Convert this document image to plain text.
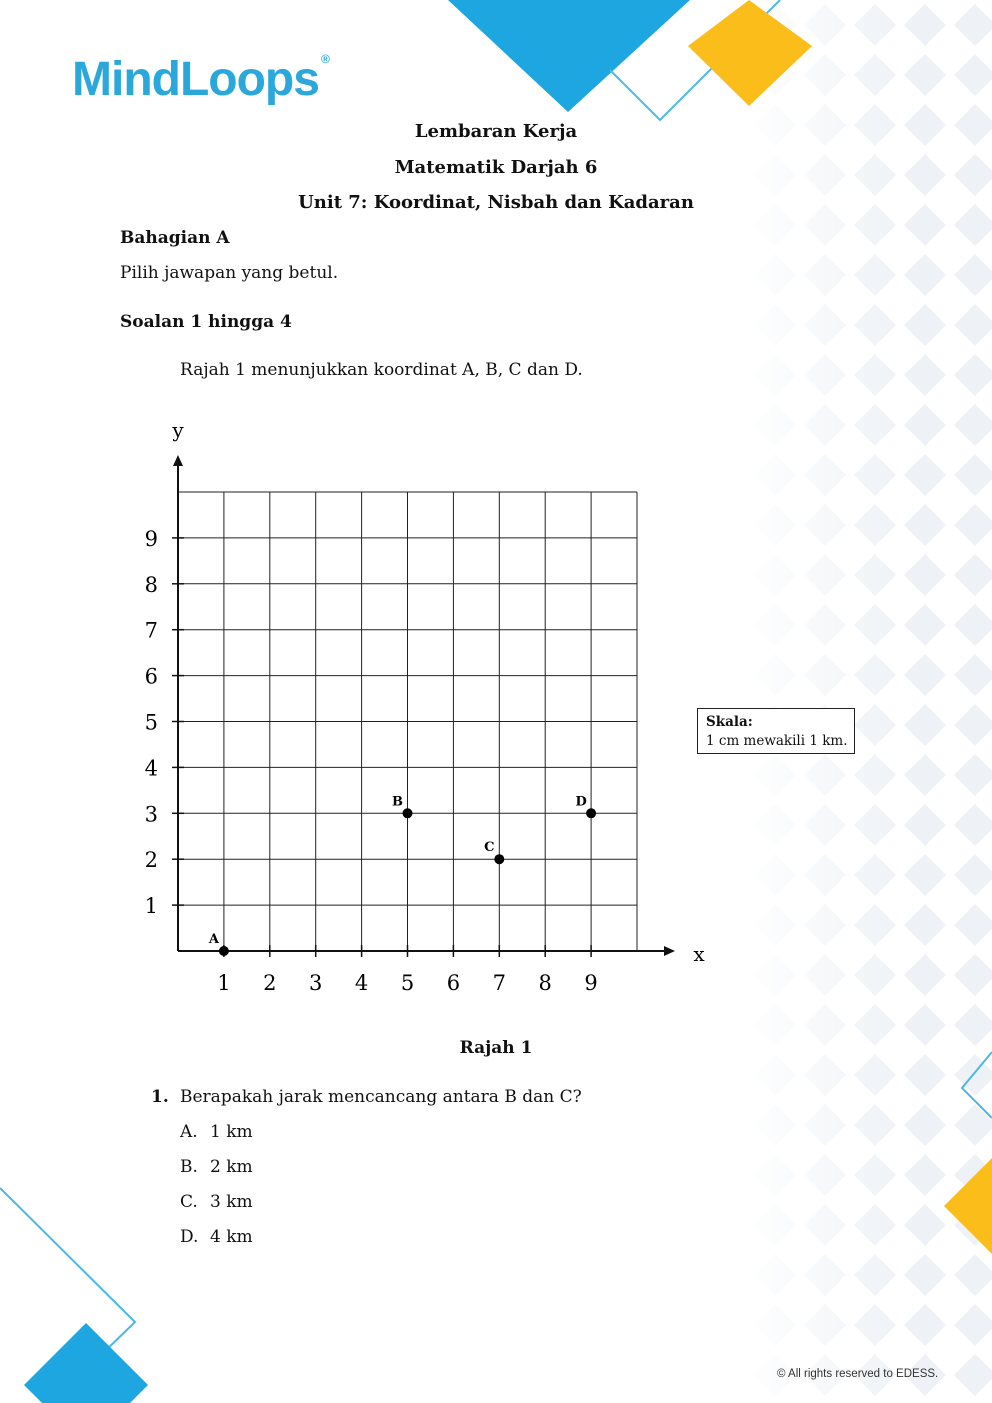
MindLoops ®
Lembaran Kerja
Matematik Darjah 6
Unit 7: Koordinat, Nisbah dan Kadaran
Bahagian A
Pilih jawapan yang betul.
Soalan 1 hingga 4
Rajah 1 menunjukkan koordinat A, B, C dan D.
1 2 3 4 5 6 7 8 9
1
2
3
4
5
6
7
8
9
A
B
C
D
x
y
Skala:
1 cm mewakili 1 km.
Rajah 1
1. Berapakah jarak mencancang antara B dan C?
A. 1 km
B. 2 km
C. 3 km
D. 4 km
© All rights reserved to EDESS.
